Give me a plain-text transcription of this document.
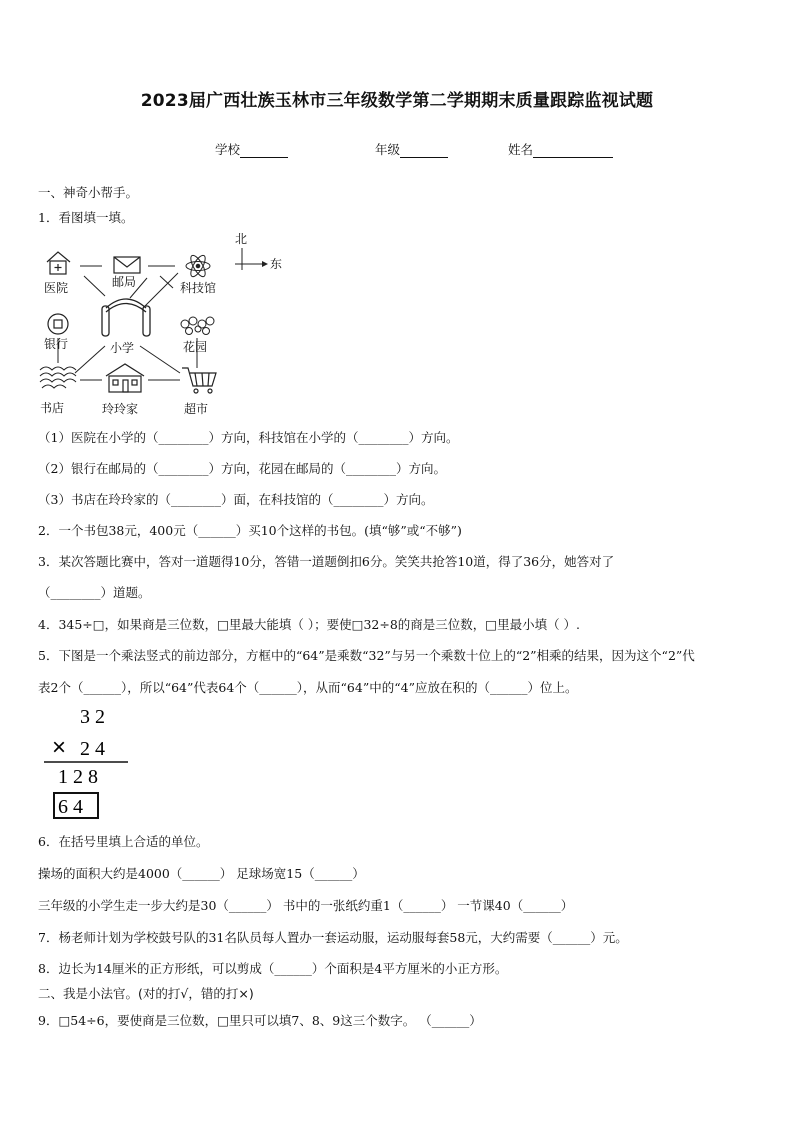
2023届广西壮族玉林市三年级数学第二学期期末质量跟踪监视试题
学校	年级	姓名
一、神奇小帮手。
1．看图填一填。
北
东
医院	邮局	科技馆
银行	小学	花园
书店	玲玲家	超市
（1）医院在小学的（________）方向，科技馆在小学的（________）方向。
（2）银行在邮局的（________）方向，花园在邮局的（________）方向。
（3）书店在玲玲家的（________）面，在科技馆的（________）方向。
2．一个书包38元，400元（______）买10个这样的书包。(填“够”或“不够”)
3．某次答题比赛中，答对一道题得10分，答错一道题倒扣6分。笑笑共抢答10道，得了36分，她答对了
（________）道题。
4．345÷□，如果商是三位数，□里最大能填（ ）；要使□32÷8的商是三位数，□里最小填（ ）.
5．下图是一个乘法竖式的前边部分，方框中的“64”是乘数“32”与另一个乘数十位上的“2”相乘的结果，因为这个“2”代
表2个（______），所以“64”代表64个（______），从而“64”中的“4”应放在积的（______）位上。
3 2
× 2 4
1 2 8
6 4
6．在括号里填上合适的单位。
操场的面积大约是4000（______） 足球场宽15（______）
三年级的小学生走一步大约是30（______） 书中的一张纸约重1（______） 一节课40（______）
7．杨老师计划为学校鼓号队的31名队员每人置办一套运动服，运动服每套58元，大约需要（______）元。
8．边长为14厘米的正方形纸，可以剪成（______）个面积是4平方厘米的小正方形。
二、我是小法官。(对的打√，错的打×)
9．□54÷6，要使商是三位数，□里只可以填7、8、9这三个数字。 （______）
